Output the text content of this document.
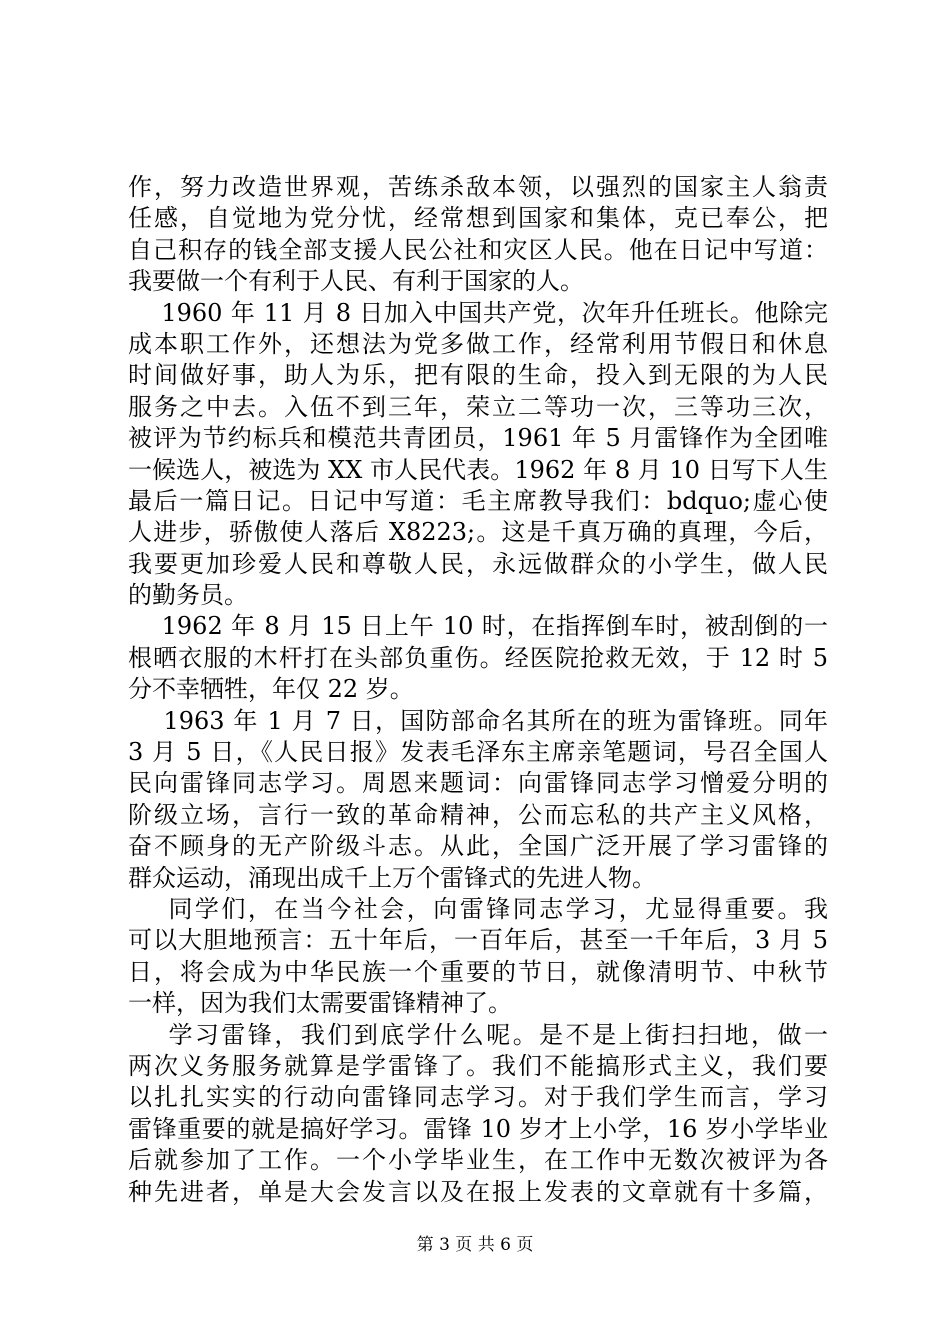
作，努力改造世界观，苦练杀敌本领，以强烈的国家主人翁责
任感，自觉地为党分忧，经常想到国家和集体，克已奉公，把
自己积存的钱全部支援人民公社和灾区人民。他在日记中写道：
我要做一个有利于人民、有利于国家的人。
1960 年 11 月 8 日加入中国共产党，次年升任班长。他除完
成本职工作外，还想法为党多做工作，经常利用节假日和休息
时间做好事，助人为乐，把有限的生命，投入到无限的为人民
服务之中去。入伍不到三年，荣立二等功一次，三等功三次，
被评为节约标兵和模范共青团员，1961 年 5 月雷锋作为全团唯
一候选人，被选为 XX 市人民代表。1962 年 8 月 10 日写下人生
最后一篇日记。日记中写道：毛主席教导我们：bdquo;虚心使
人进步，骄傲使人落后 X8223;。这是千真万确的真理，今后，
我要更加珍爱人民和尊敬人民，永远做群众的小学生，做人民
的勤务员。
1962 年 8 月 15 日上午 10 时，在指挥倒车时，被刮倒的一
根晒衣服的木杆打在头部负重伤。经医院抢救无效，于 12 时 5
分不幸牺牲，年仅 22 岁。
1963 年 1 月 7 日，国防部命名其所在的班为雷锋班。同年
3 月 5 日，《人民日报》发表毛泽东主席亲笔题词，号召全国人
民向雷锋同志学习。周恩来题词：向雷锋同志学习憎爱分明的
阶级立场，言行一致的革命精神，公而忘私的共产主义风格，
奋不顾身的无产阶级斗志。从此，全国广泛开展了学习雷锋的
群众运动，涌现出成千上万个雷锋式的先进人物。
同学们，在当今社会，向雷锋同志学习，尤显得重要。我
可以大胆地预言：五十年后，一百年后，甚至一千年后，3 月 5
日，将会成为中华民族一个重要的节日，就像清明节、中秋节
一样，因为我们太需要雷锋精神了。
学习雷锋，我们到底学什么呢。是不是上街扫扫地，做一
两次义务服务就算是学雷锋了。我们不能搞形式主义，我们要
以扎扎实实的行动向雷锋同志学习。对于我们学生而言，学习
雷锋重要的就是搞好学习。雷锋 10 岁才上小学，16 岁小学毕业
后就参加了工作。一个小学毕业生，在工作中无数次被评为各
种先进者，单是大会发言以及在报上发表的文章就有十多篇，
第 3 页 共 6 页
